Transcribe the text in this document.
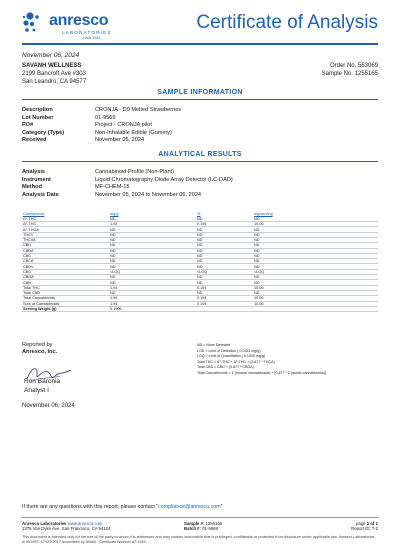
anresco
LABORATORIES
since 1943
Certificate of Analysis
November 06, 2024
SAVANH WELLNESS
2199 Bancroft Ave #303
San Leandro, CA 94577
Order No. 563069
Sample No. 1255165
SAMPLE INFORMATION
Description	CRONJA - D9 Melted Strawberries
Lot Number	01-9569
PO#	Project - CRONJA pilot
Category (Type)	Non-Inhalable Edible (Gummy)
Received	November 05, 2024
ANALYTICAL RESULTS
Analysis	Cannabinoid Profile (Non-Plant)
Instrument	Liquid Chromatography Diode Array Detector (LC-DAD)
Method	MF-CHEM-15
Analysis Date	November 05, 2024 to November 06, 2024
Cannabinoid	mg/g	%	mg/serving
Δ⁹-THC	ND	ND	ND
Δ⁹-THC	1.94	0.194	10.06
Δ⁹-THCA	ND	ND	ND
THCV	ND	ND	ND
THCVA	ND	ND	ND
CBD	ND	ND	ND
CBDA	ND	ND	ND
CBC	ND	ND	ND
CBCA	ND	ND	ND
CBDV	ND	ND	ND
CBG	<LOQ	<LOQ	<LOQ
CBGA	ND	ND	ND
CBN	ND	ND	ND
Total THC	1.94	0.194	10.06
Total CBD	ND	ND	ND
Total Cannabinoids	1.94	0.194	10.06
Sum of Cannabinoids	1.94	0.194	10.06
Serving Weight (g)	5.1906		
Reported by
Anresco, Inc.
Ron Baronia
Analyst I
November 06, 2024
ND = None Detected
LOD = Limit of Detection ( 0.0333 mg/g)
LOQ = Limit of Quantitation ( 0.1000 mg/g)
Total THC = Δ⁹-THC + Δ⁸-THC + (0.877 * THCA)
Total CBD = CBD + (0.877 * CBDA)
Total Cannabinoids = Σ (neutral cannabinoids) + [0.877 * Σ (acidic cannabinoids)]
If there are any questions with this report, please contact "compliance@anresco.com"
Anresco Laboratories www.anresco.com
1375 Van Dyke Ave, San Francisco, CA 94124
Sample #: 1255165
Batch #: 01-9569
page 1 of 1
Report ID: T-2
This document is intended only for the use of the party to whom it is addressed and may contain information that is privileged, confidential or protected from disclosure under applicable law. Anresco Laboratories is ISO/IEC 17025:2017 Accredited by ANAB - Certificate Number AT-1551.
